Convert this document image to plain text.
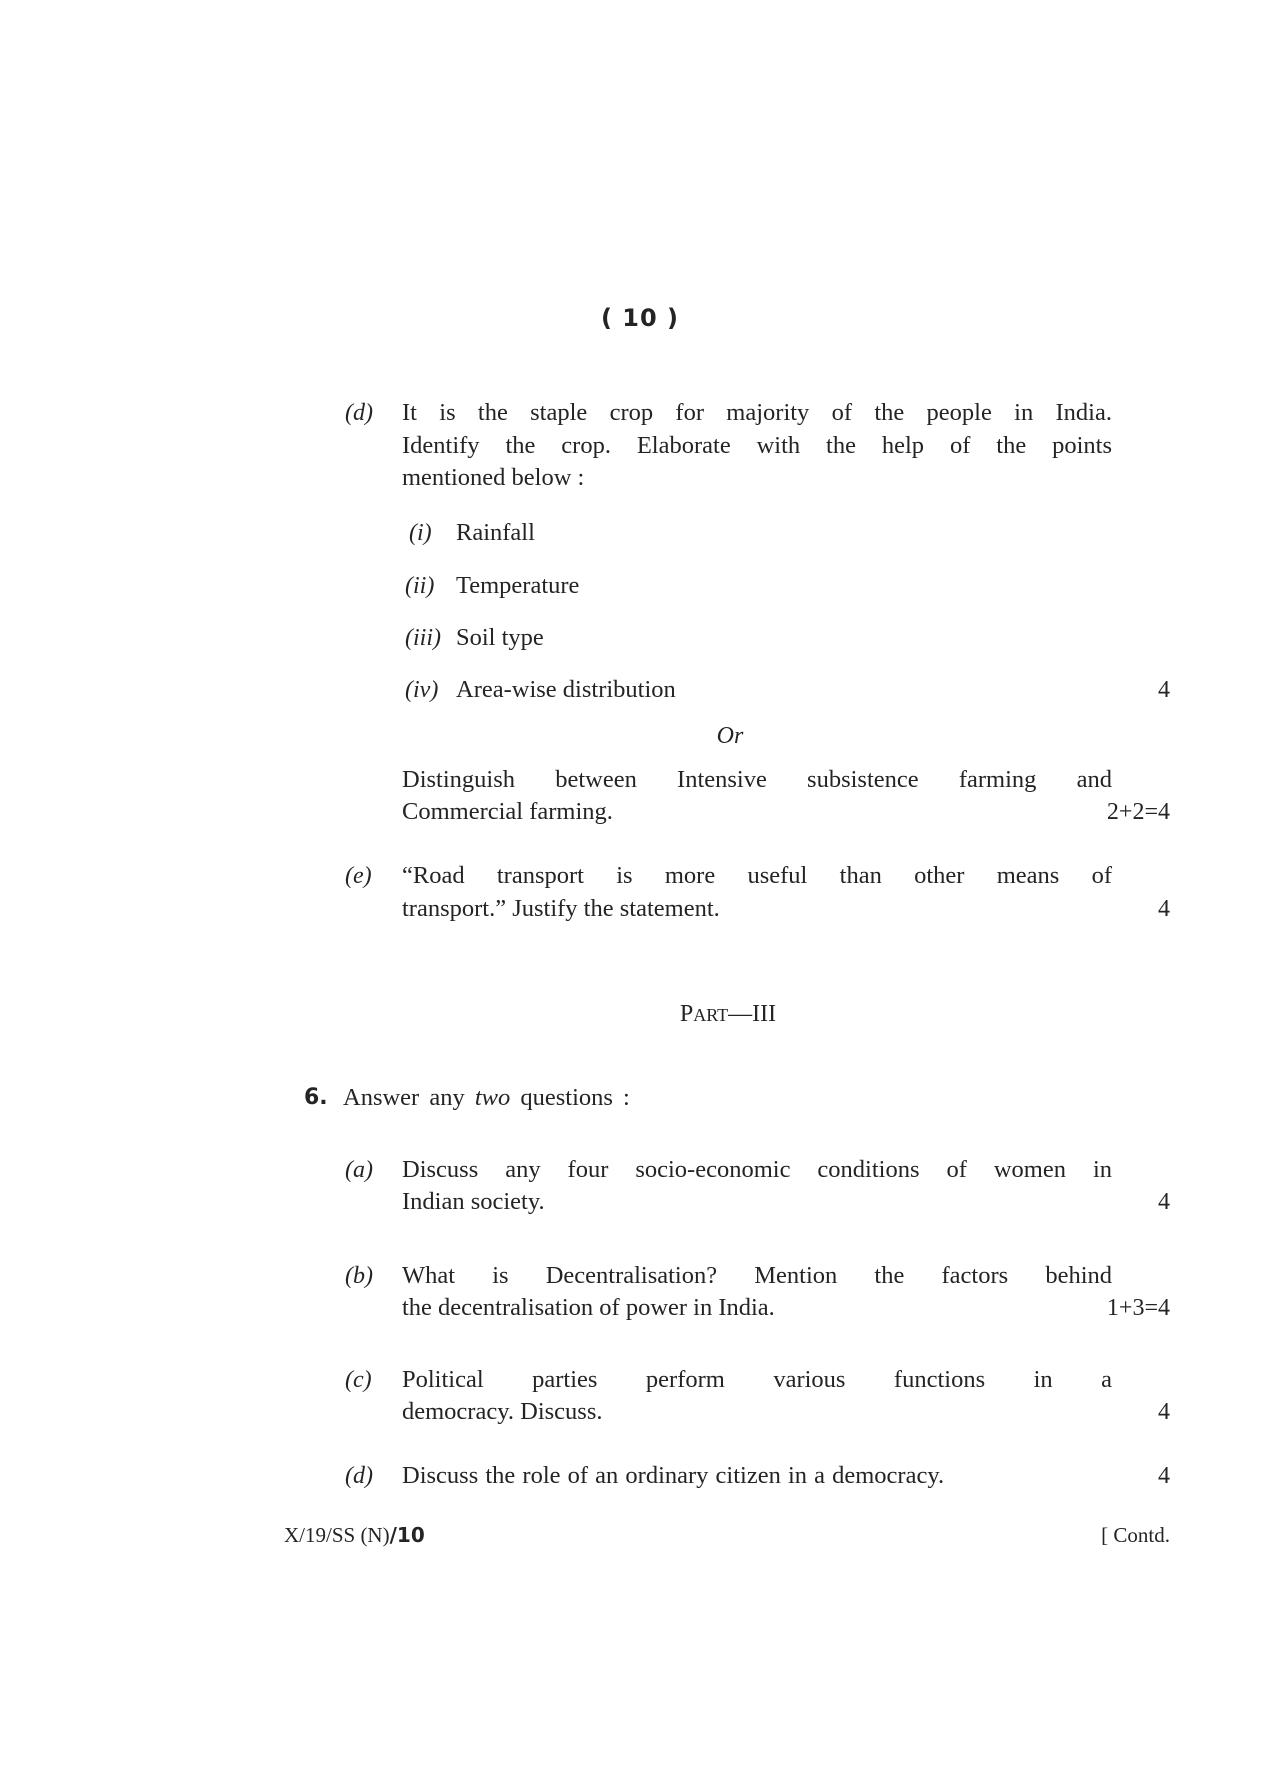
( 10 )
(d) It is the staple crop for majority of the people in India.
Identify the crop. Elaborate with the help of the points
mentioned below :
(i) Rainfall
(ii) Temperature
(iii) Soil type
(iv) Area-wise distribution	4
Or
Distinguish between Intensive subsistence farming and
Commercial farming.	2+2=4
(e) “Road transport is more useful than other means of
transport.” Justify the statement.	4
PART—III
6. Answer any two questions :
(a) Discuss any four socio-economic conditions of women in
Indian society.	4
(b) What is Decentralisation? Mention the factors behind
the decentralisation of power in India.	1+3=4
(c) Political parties perform various functions in a
democracy. Discuss.	4
(d) Discuss the role of an ordinary citizen in a democracy.	4
X/19/SS (N)/10	[ Contd.
